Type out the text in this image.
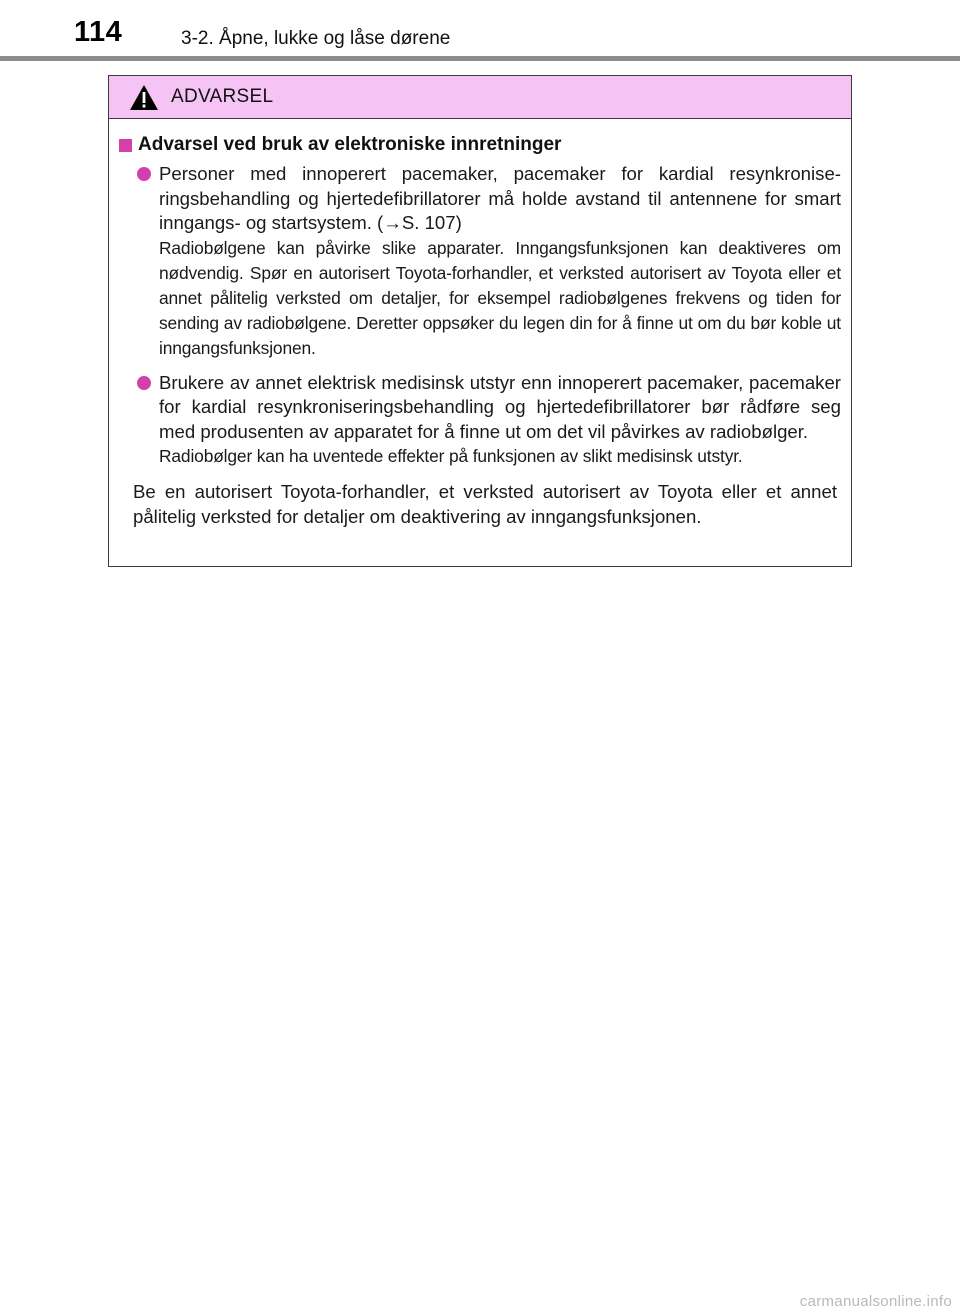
114	3-2. Åpne, lukke og låse dørene
ADVARSEL
Advarsel ved bruk av elektroniske innretninger

Personer med innoperert pacemaker, pacemaker for kardial resynkroniseringsbehandling og hjertedefibrillatorer må holde avstand til antennene for smart inngangs- og startsystem. (→S. 107)

Radiobølgene kan påvirke slike apparater. Inngangsfunksjonen kan deaktiveres om nødvendig. Spør en autorisert Toyota-forhandler, et verksted autorisert av Toyota eller et annet pålitelig verksted om detaljer, for eksempel radiobølgenes frekvens og tiden for sending av radiobølgene. Deretter oppsøker du legen din for å finne ut om du bør koble ut inngangsfunksjonen.

Brukere av annet elektrisk medisinsk utstyr enn innoperert pacemaker, pacemaker for kardial resynkroniseringsbehandling og hjertedefibrillatorer bør rådføre seg med produsenten av apparatet for å finne ut om det vil påvirkes av radiobølger.

Radiobølger kan ha uventede effekter på funksjonen av slikt medisinsk utstyr.

Be en autorisert Toyota-forhandler, et verksted autorisert av Toyota eller et annet pålitelig verksted for detaljer om deaktivering av inngangsfunksjonen.

carmanualsonline.info
